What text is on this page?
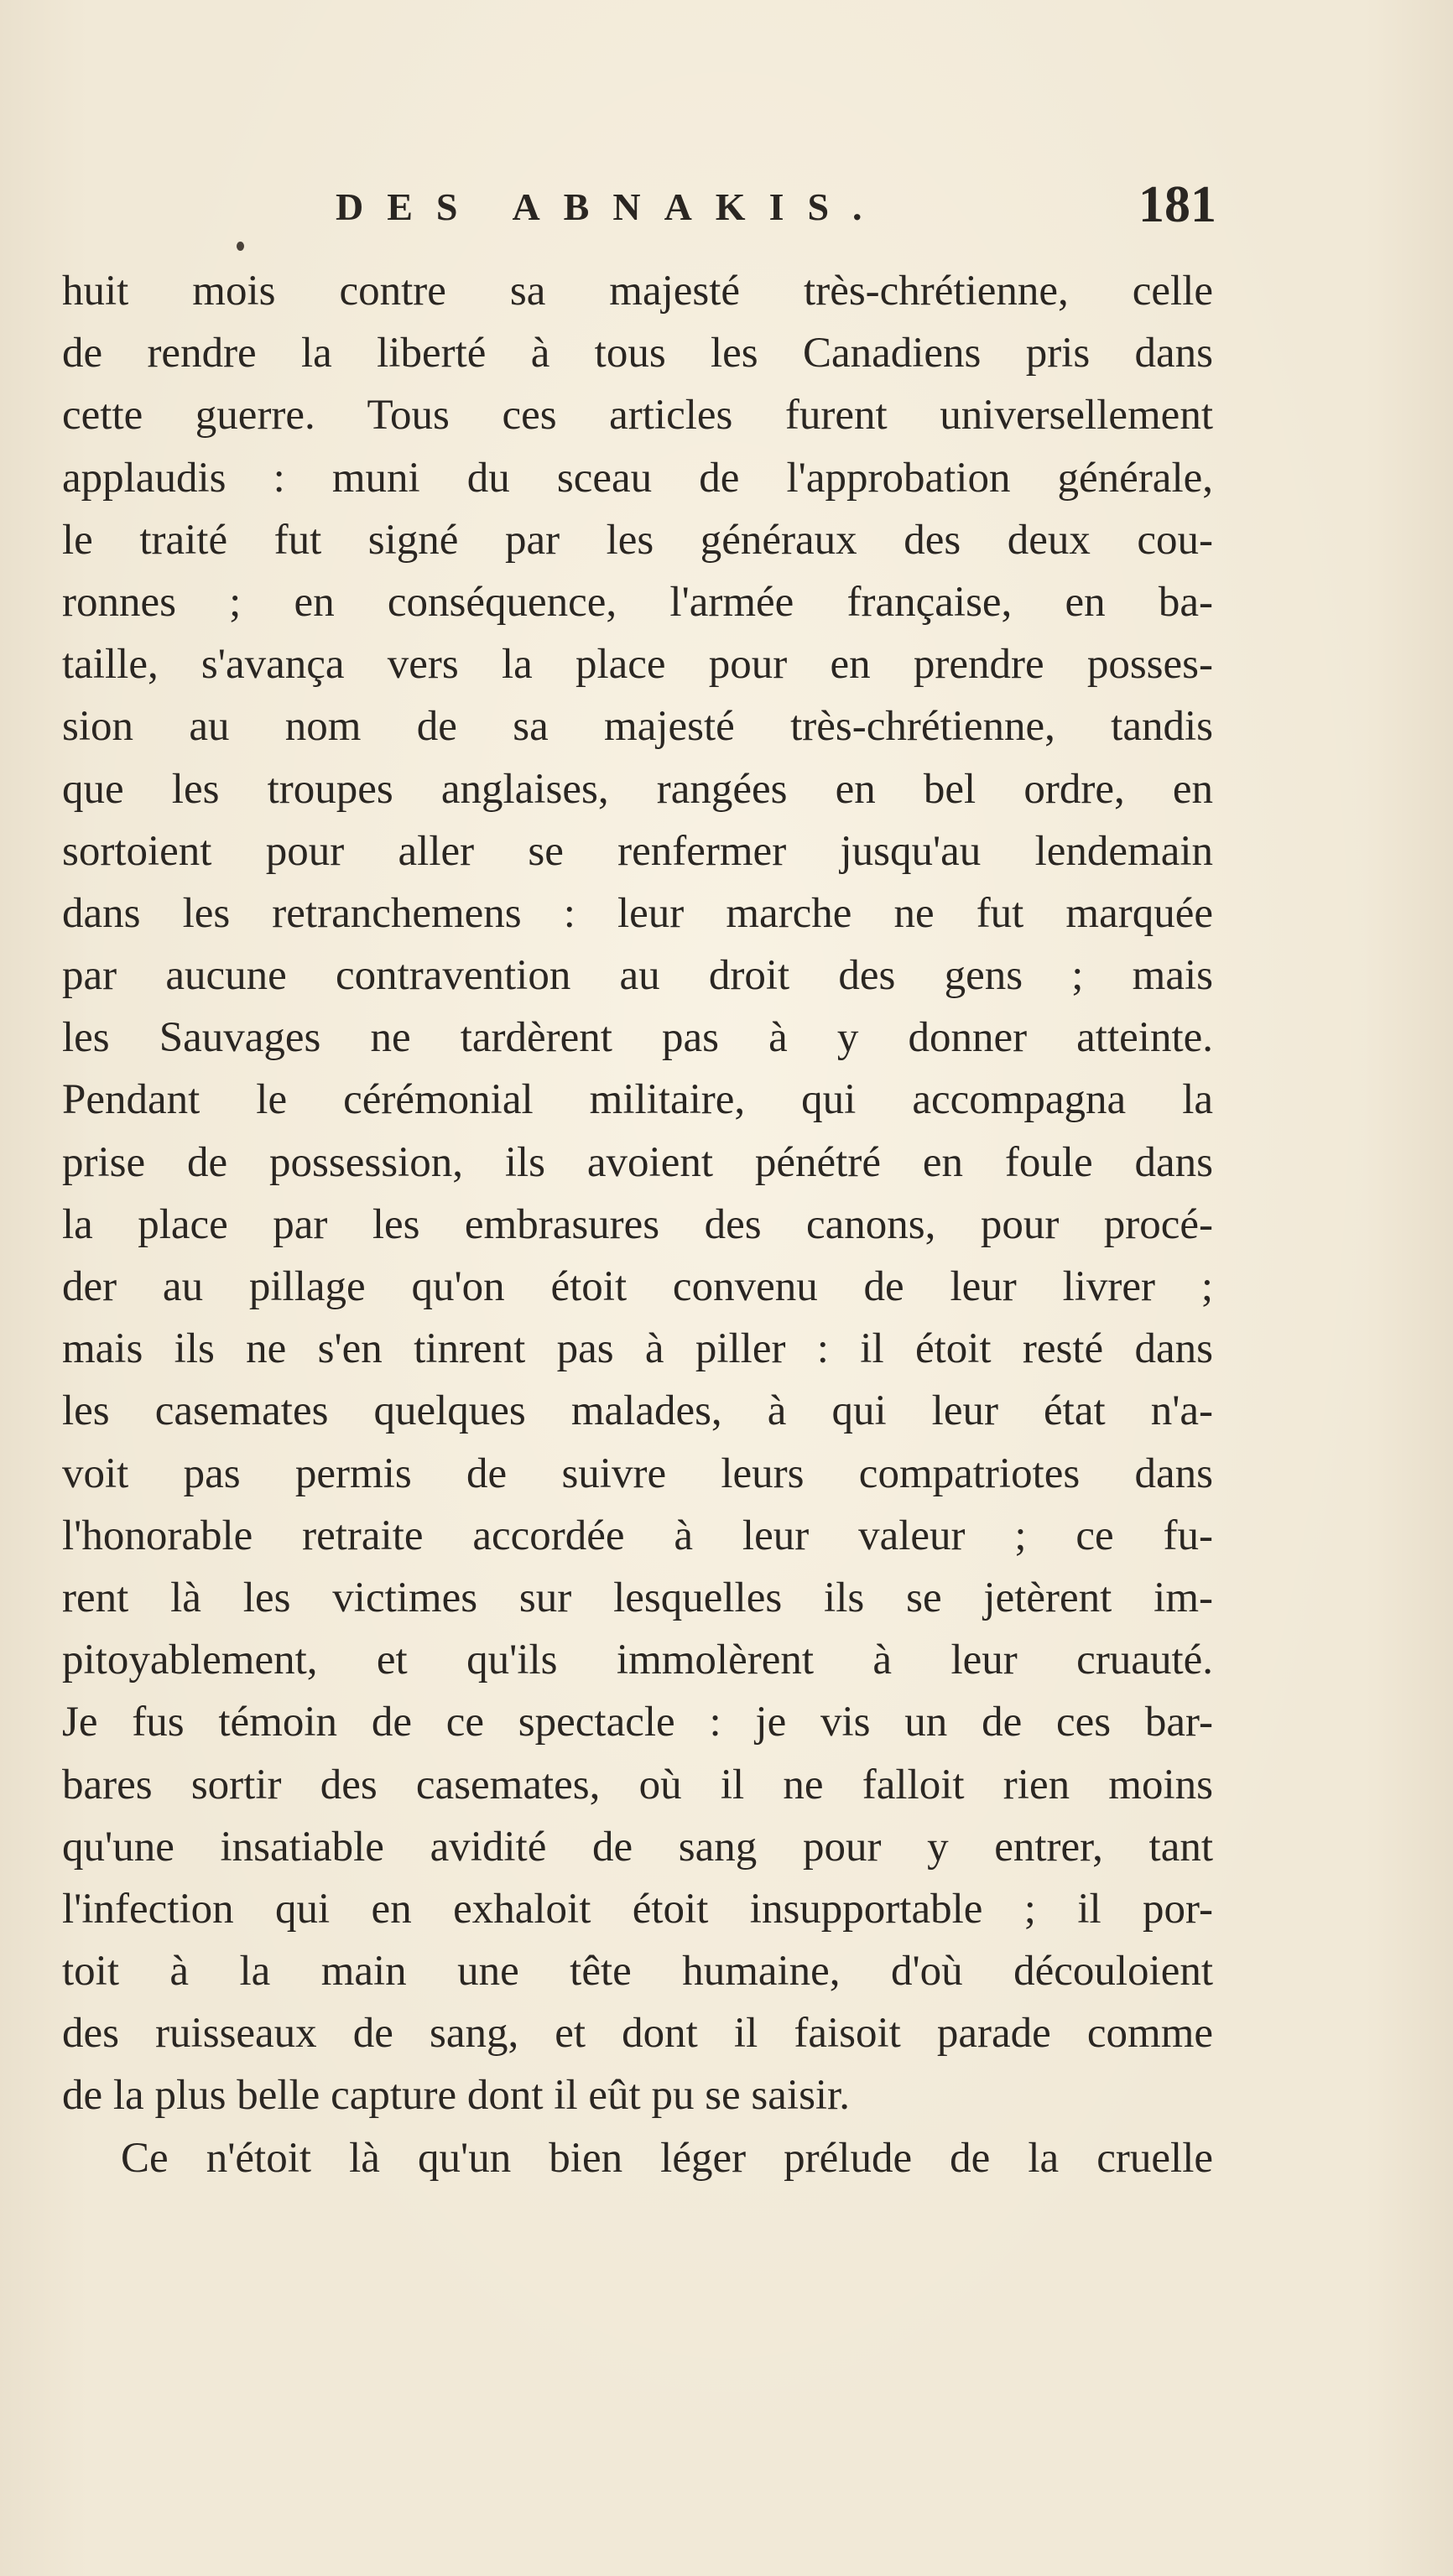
DES ABNAKIS.	181
huit mois contre sa majesté très-chrétienne, celle
de rendre la liberté à tous les Canadiens pris dans
cette guerre. Tous ces articles furent universellement
applaudis : muni du sceau de l'approbation générale,
le traité fut signé par les généraux des deux cou-
ronnes ; en conséquence, l'armée française, en ba-
taille, s'avança vers la place pour en prendre posses-
sion au nom de sa majesté très-chrétienne, tandis
que les troupes anglaises, rangées en bel ordre, en
sortoient pour aller se renfermer jusqu'au lendemain
dans les retranchemens : leur marche ne fut marquée
par aucune contravention au droit des gens ; mais
les Sauvages ne tardèrent pas à y donner atteinte.
Pendant le cérémonial militaire, qui accompagna la
prise de possession, ils avoient pénétré en foule dans
la place par les embrasures des canons, pour procé-
der au pillage qu'on étoit convenu de leur livrer ;
mais ils ne s'en tinrent pas à piller : il étoit resté dans
les casemates quelques malades, à qui leur état n'a-
voit pas permis de suivre leurs compatriotes dans
l'honorable retraite accordée à leur valeur ; ce fu-
rent là les victimes sur lesquelles ils se jetèrent im-
pitoyablement, et qu'ils immolèrent à leur cruauté.
Je fus témoin de ce spectacle : je vis un de ces bar-
bares sortir des casemates, où il ne falloit rien moins
qu'une insatiable avidité de sang pour y entrer, tant
l'infection qui en exhaloit étoit insupportable ; il por-
toit à la main une tête humaine, d'où découloient
des ruisseaux de sang, et dont il faisoit parade comme
de la plus belle capture dont il eût pu se saisir.
Ce n'étoit là qu'un bien léger prélude de la cruelle
